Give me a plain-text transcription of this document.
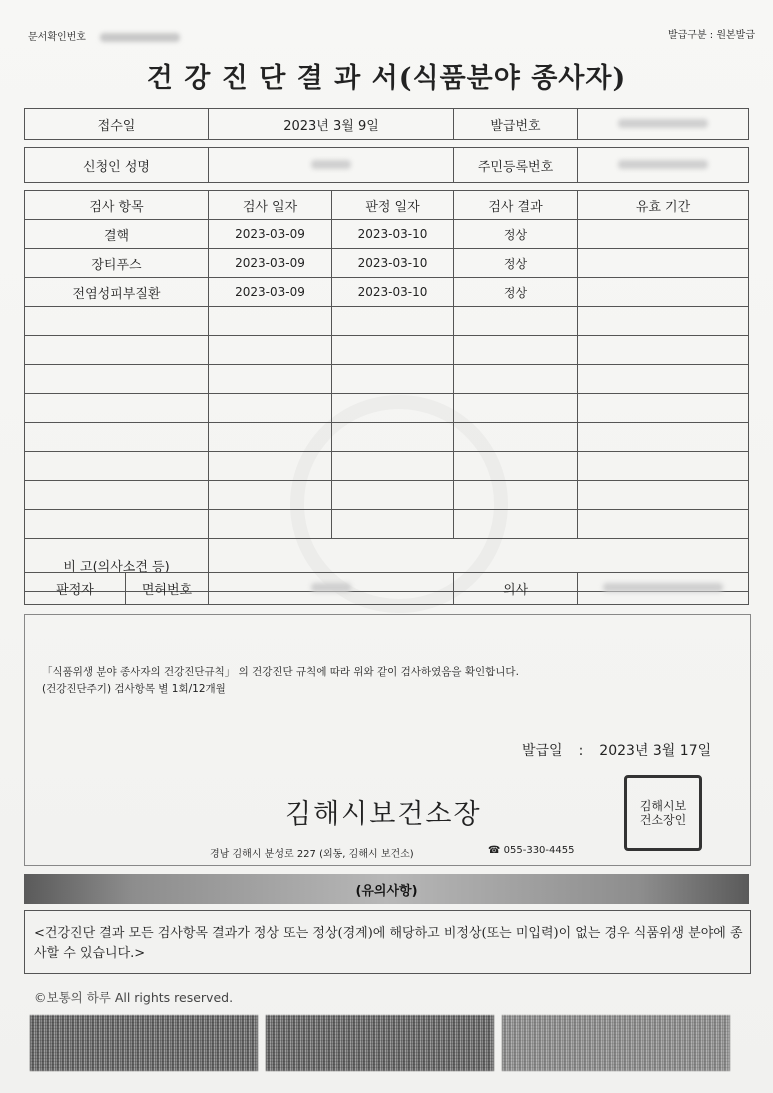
문서확인번호	발급구분 : 원본발급
건 강 진 단 결 과 서(식품분야 종사자)
접수일	2023년 3월 9일	발급번호	
신청인 성명		주민등록번호	
검사 항목	검사 일자	판정 일자	검사 결과	유효 기간
결핵	2023-03-09	2023-03-10	정상	
장티푸스	2023-03-09	2023-03-10	정상	
전염성피부질환	2023-03-09	2023-03-10	정상	

비 고(의사소견 등)				
판정자	면허번호		의사	
「식품위생 분야 종사자의 건강진단규칙」 의 건강진단 규칙에 따라 위와 같이 검사하였음을 확인합니다.
(건강진단주기) 검사항목 별 1회/12개월
발급일 : 2023년 3월 17일
김해시보건소장	김해시보
건소장인
경남 김해시 분성로 227 (외동, 김해시 보건소)	☎ 055-330-4455
(유의사항)
<건강진단 결과 모든 검사항목 결과가 정상 또는 정상(경계)에 해당하고 비정상(또는 미입력)이 없는 경우 식품위생 분야에 종사할 수 있습니다.>
©보통의 하루 All rights reserved.
